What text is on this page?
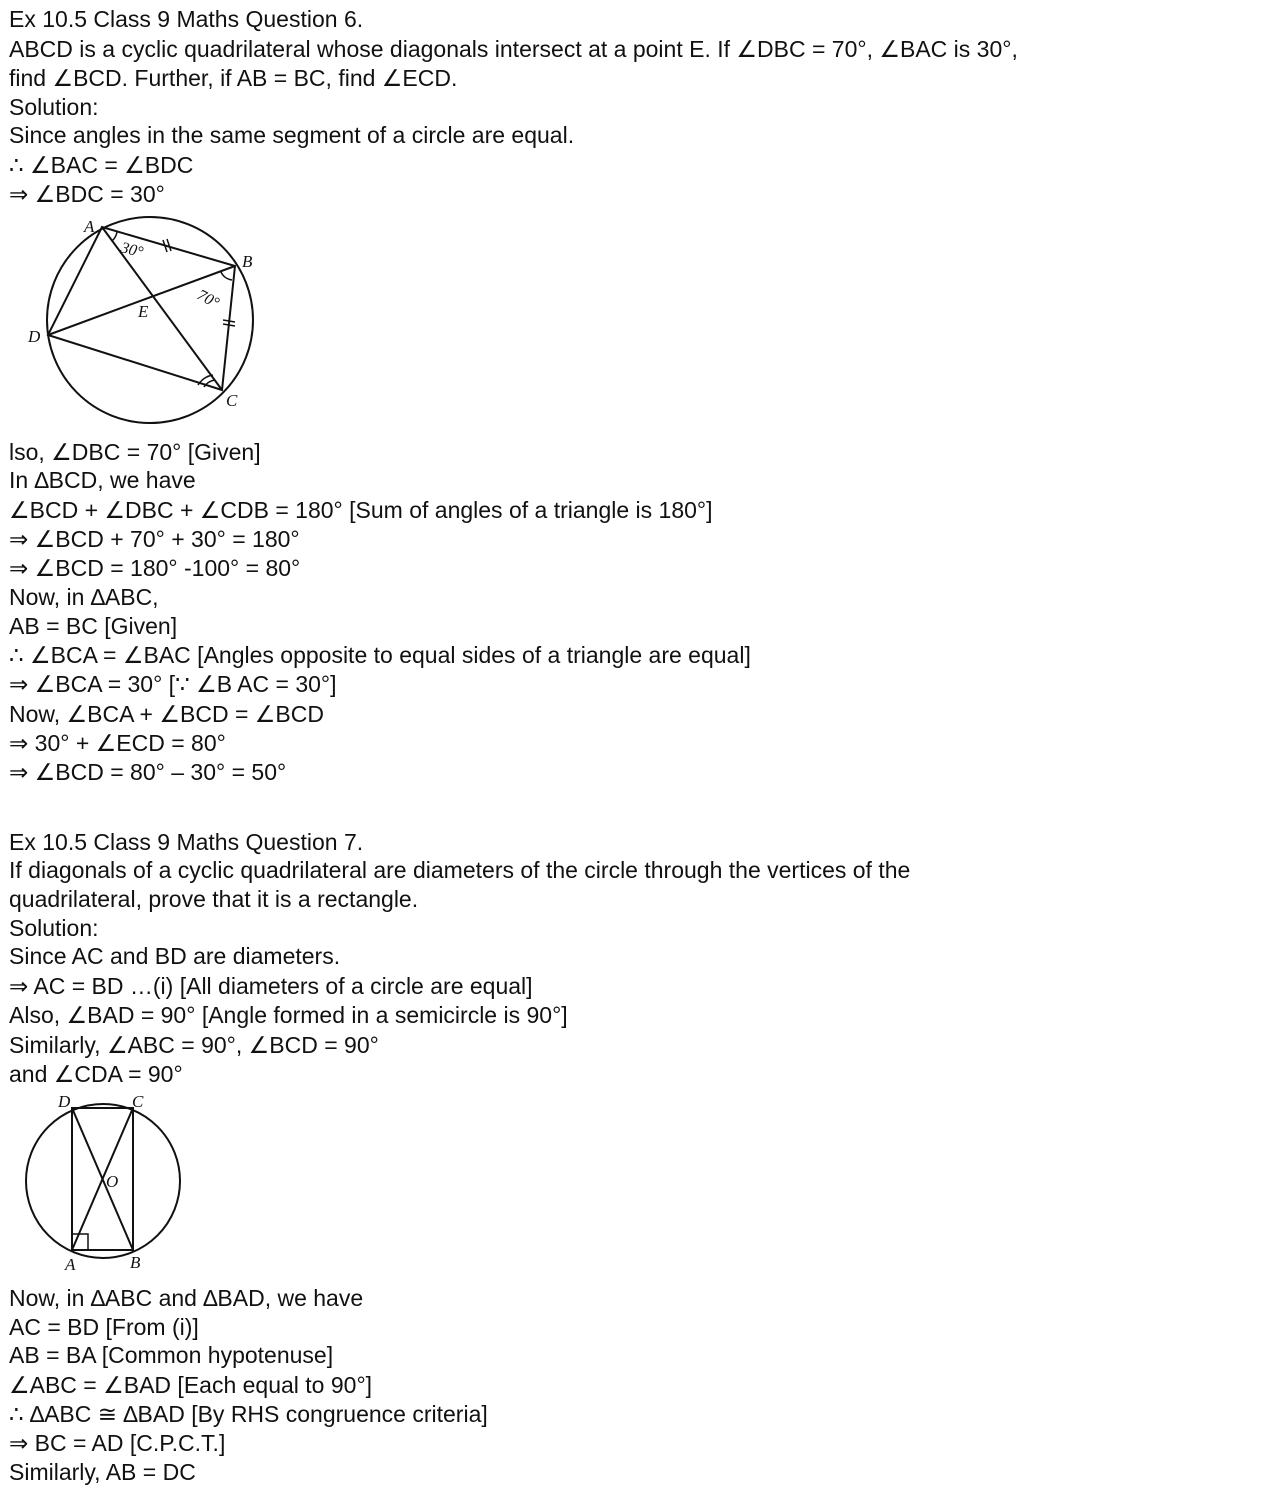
Ex 10.5 Class 9 Maths Question 6.
ABCD is a cyclic quadrilateral whose diagonals intersect at a point E. If ∠DBC = 70°, ∠BAC is 30°,
find ∠BCD. Further, if AB = BC, find ∠ECD.
Solution:
Since angles in the same segment of a circle are equal.
∴ ∠BAC = ∠BDC
⇒ ∠BDC = 30°
A
B
C
D
E
30°
70°
lso, ∠DBC = 70° [Given]
In ∆BCD, we have
∠BCD + ∠DBC + ∠CDB = 180° [Sum of angles of a triangle is 180°]
⇒ ∠BCD + 70° + 30° = 180°
⇒ ∠BCD = 180° -100° = 80°
Now, in ∆ABC,
AB = BC [Given]
∴ ∠BCA = ∠BAC [Angles opposite to equal sides of a triangle are equal]
⇒ ∠BCA = 30° [∵ ∠B AC = 30°]
Now, ∠BCA + ∠BCD = ∠BCD
⇒ 30° + ∠ECD = 80°
⇒ ∠BCD = 80° – 30° = 50°
Ex 10.5 Class 9 Maths Question 7.
If diagonals of a cyclic quadrilateral are diameters of the circle through the vertices of the
quadrilateral, prove that it is a rectangle.
Solution:
Since AC and BD are diameters.
⇒ AC = BD …(i) [All diameters of a circle are equal]
Also, ∠BAD = 90° [Angle formed in a semicircle is 90°]
Similarly, ∠ABC = 90°, ∠BCD = 90°
and ∠CDA = 90°
D	C
A	B
O
Now, in ∆ABC and ∆BAD, we have
AC = BD [From (i)]
AB = BA [Common hypotenuse]
∠ABC = ∠BAD [Each equal to 90°]
∴ ∆ABC ≅ ∆BAD [By RHS congruence criteria]
⇒ BC = AD [C.P.C.T.]
Similarly, AB = DC
